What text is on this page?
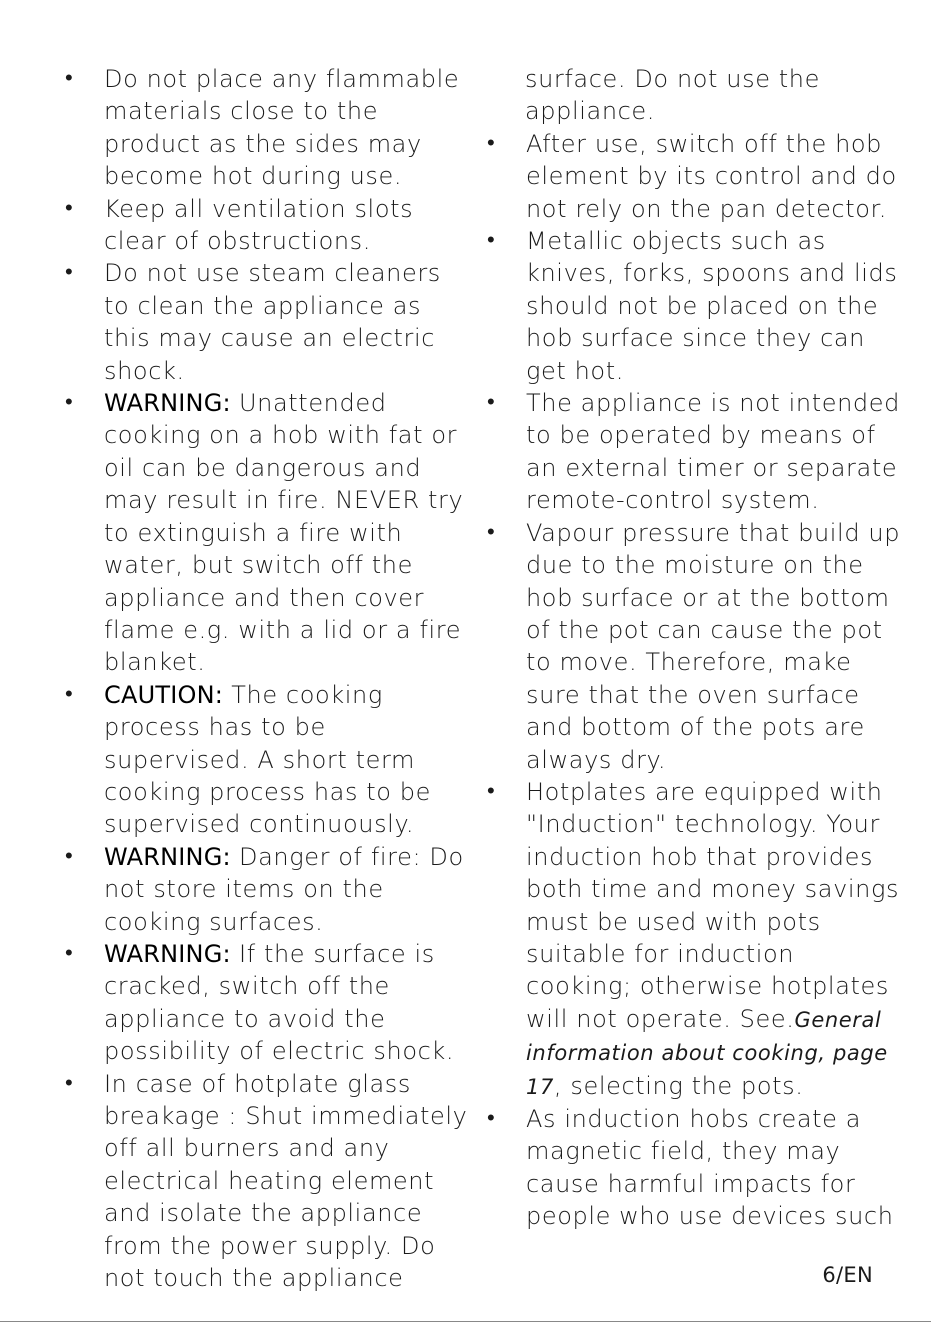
• Do not place any flammable materials close to the product as the sides may become hot during use.
• Keep all ventilation slots clear of obstructions.
• Do not use steam cleaners to clean the appliance as this may cause an electric shock.
• WARNING: Unattended cooking on a hob with fat or oil can be dangerous and may result in fire. NEVER try to extinguish a fire with water, but switch off the appliance and then cover flame e.g. with a lid or a fire blanket.
• CAUTION: The cooking process has to be supervised. A short term cooking process has to be supervised continuously.
• WARNING: Danger of fire: Do not store items on the cooking surfaces.
• WARNING: If the surface is cracked, switch off the appliance to avoid the possibility of electric shock.
• In case of hotplate glass breakage : Shut immediately off all burners and any electrical heating element and isolate the appliance from the power supply. Do not touch the appliance
surface. Do not use the appliance.
• After use, switch off the hob element by its control and do not rely on the pan detector.
• Metallic objects such as knives, forks, spoons and lids should not be placed on the hob surface since they can get hot.
• The appliance is not intended to be operated by means of an external timer or separate remote-control system.
• Vapour pressure that build up due to the moisture on the hob surface or at the bottom of the pot can cause the pot to move. Therefore, make sure that the oven surface and bottom of the pots are always dry.
• Hotplates are equipped with "Induction" technology. Your induction hob that provides both time and money savings must be used with pots suitable for induction cooking; otherwise hotplates will not operate. See.General information about cooking, page 17, selecting the pots.
• As induction hobs create a magnetic field, they may cause harmful impacts for people who use devices such
6/EN
